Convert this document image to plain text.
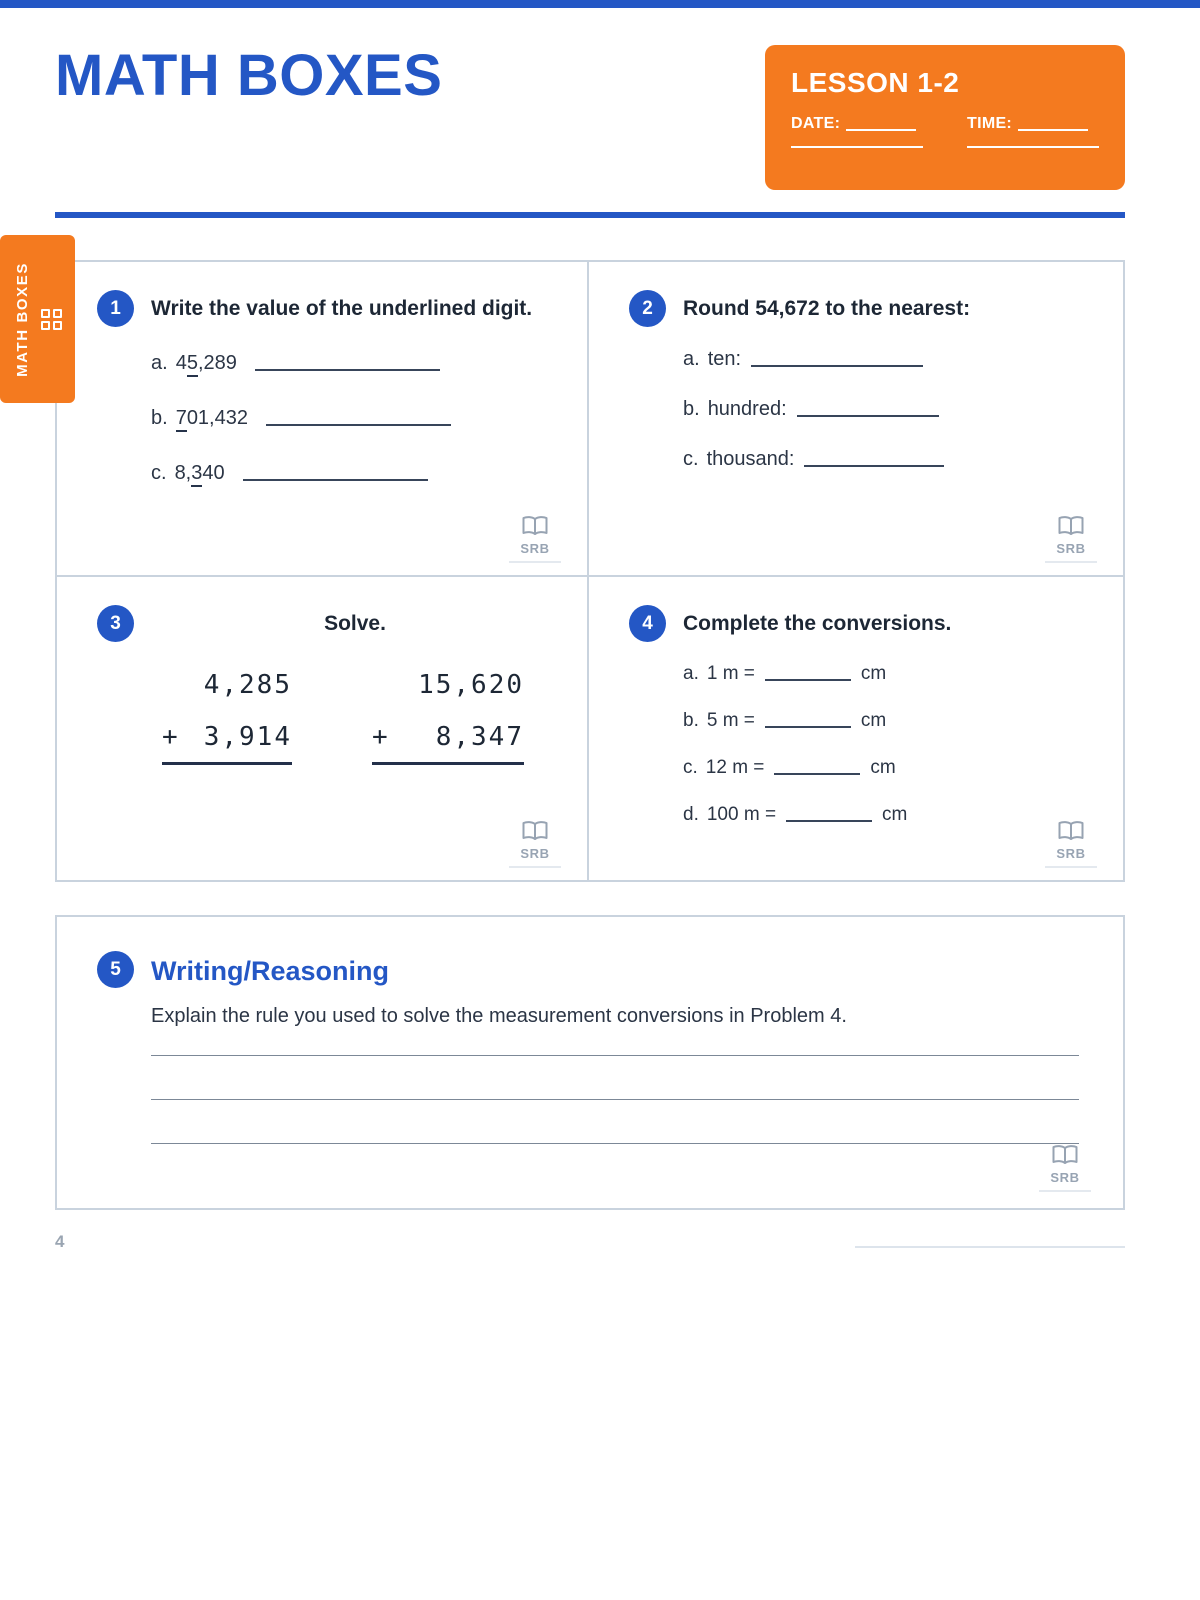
MATH BOXES	LESSON 1-2
DATE:	TIME:
MATH BOXES	1	Write the value of the underlined digit.
a. 45,289
b. 701,432
c. 8,340
SRB
2	Round 54,672 to the nearest:
a. ten:
b. hundred:
c. thousand:
SRB
3	Solve.
4,285
+ 3,914
15,620
+ 8,347
SRB
4	Complete the conversions.
a. 1 m =	cm
b. 5 m =	cm
c. 12 m =	cm
d. 100 m =	cm
SRB
5	Writing/Reasoning
Explain the rule you used to solve the measurement conversions in Problem 4.
SRB
4
